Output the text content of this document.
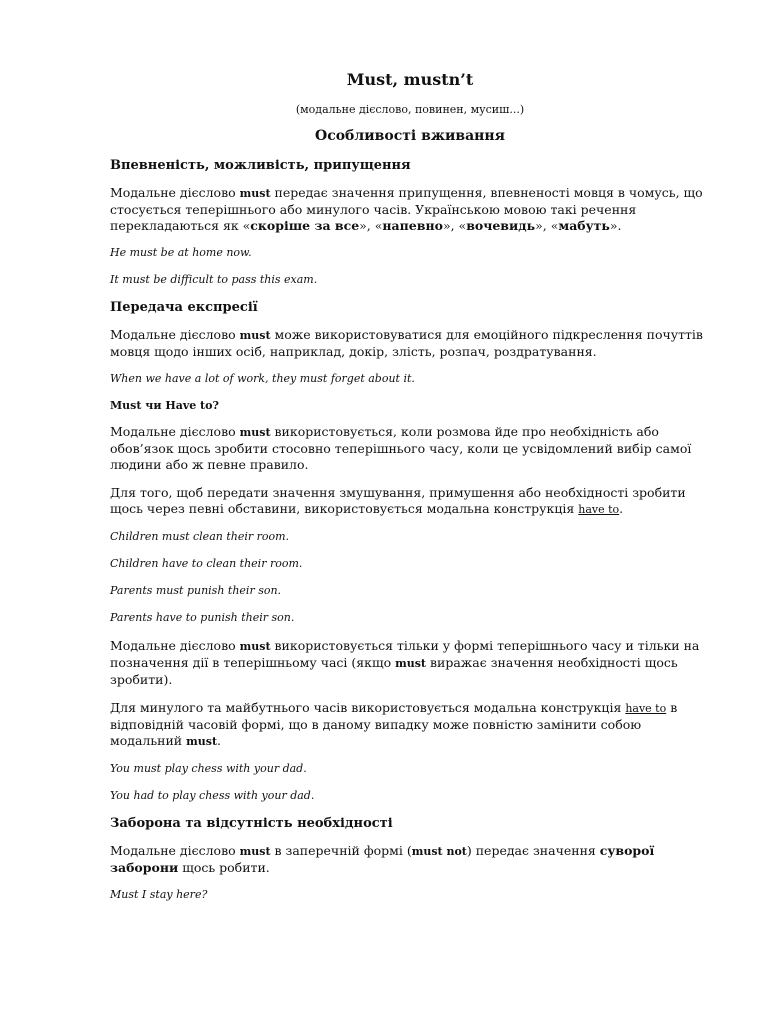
Must, mustn’t
(модальне дієслово, повинен, мусиш...)
Особливості вживання
Впевненість, можливість, припущення

Модальне дієслово must передає значення припущення, впевненості мовця в чомусь, що стосується теперішнього або минулого часів. Українською мовою такі речення перекладаються як «скоріше за все», «напевно», «вочевидь», «мабуть».

He must be at home now.

It must be difficult to pass this exam.

Передача експресії

Модальне дієслово must може використовуватися для емоційного підкреслення почуттів мовця щодо інших осіб, наприклад, докір, злість, розпач, роздратування.

When we have a lot of work, they must forget about it.

Must чи Have to?

Модальне дієслово must використовується, коли розмова йде про необхідність або обов’язок щось зробити стосовно теперішнього часу, коли це усвідомлений вибір самої людини або ж певне правило.

Для того, щоб передати значення змушування, примушення або необхідності зробити щось через певні обставини, використовується модальна конструкція have to.

Children must clean their room.

Children have to clean their room.

Parents must punish their son.

Parents have to punish their son.

Модальне дієслово must використовується тільки у формі теперішнього часу и тільки на позначення дії в теперішньому часі (якщо must виражає значення необхідності щось зробити).

Для минулого та майбутнього часів використовується модальна конструкція have to в відповідній часовій формі, що в даному випадку може повністю замінити собою модальний must.

You must play chess with your dad.

You had to play chess with your dad.

Заборона та відсутність необхідності

Модальне дієслово must в заперечній формі (must not) передає значення суворої заборони щось робити.

Must I stay here?
